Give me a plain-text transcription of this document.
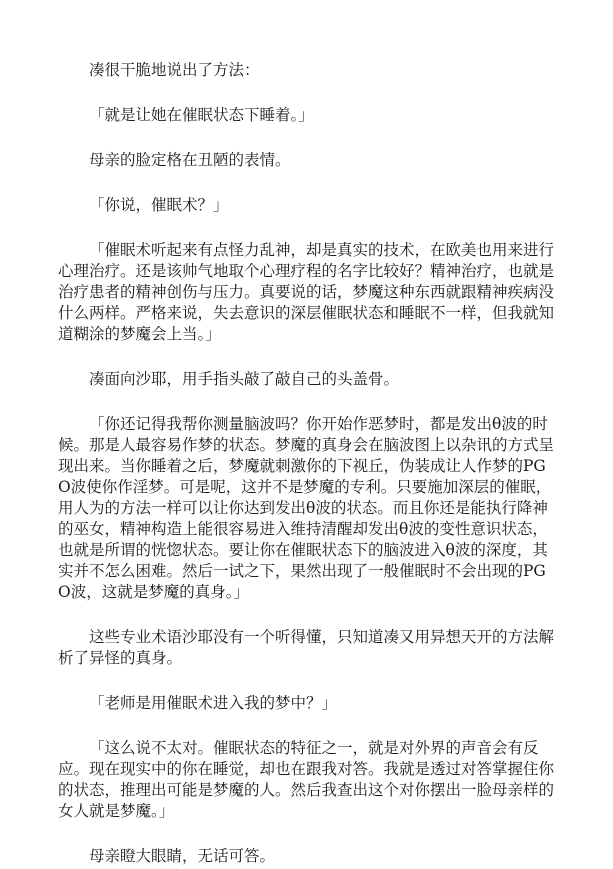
凑很干脆地说出了方法：

「就是让她在催眠状态下睡着。」

母亲的脸定格在丑陋的表情。

「你说，催眠术？」

「催眠术听起来有点怪力乱神，却是真实的技术，在欧美也用来进行心理治疗。还是该帅气地取个心理疗程的名字比较好？精神治疗，也就是治疗患者的精神创伤与压力。真要说的话，梦魔这种东西就跟精神疾病没什么两样。严格来说，失去意识的深层催眠状态和睡眠不一样，但我就知道糊涂的梦魔会上当。」

凑面向沙耶，用手指头敲了敲自己的头盖骨。

「你还记得我帮你测量脑波吗？你开始作恶梦时，都是发出θ波的时候。那是人最容易作梦的状态。梦魔的真身会在脑波图上以杂讯的方式呈现出来。当你睡着之后，梦魔就刺激你的下视丘，伪装成让人作梦的PGO波使你作淫梦。可是呢，这并不是梦魔的专利。只要施加深层的催眠，用人为的方法一样可以让你达到发出θ波的状态。而且你还是能执行降神的巫女，精神构造上能很容易进入维持清醒却发出θ波的变性意识状态，也就是所谓的恍惚状态。要让你在催眠状态下的脑波进入θ波的深度，其实并不怎么困难。然后一试之下，果然出现了一般催眠时不会出现的PGO波，这就是梦魔的真身。」

这些专业术语沙耶没有一个听得懂，只知道凑又用异想天开的方法解析了异怪的真身。

「老师是用催眠术进入我的梦中？」

「这么说不太对。催眠状态的特征之一，就是对外界的声音会有反应。现在现实中的你在睡觉，却也在跟我对答。我就是透过对答掌握住你的状态，推理出可能是梦魔的人。然后我查出这个对你摆出一脸母亲样的女人就是梦魔。」

母亲瞪大眼睛，无话可答。
